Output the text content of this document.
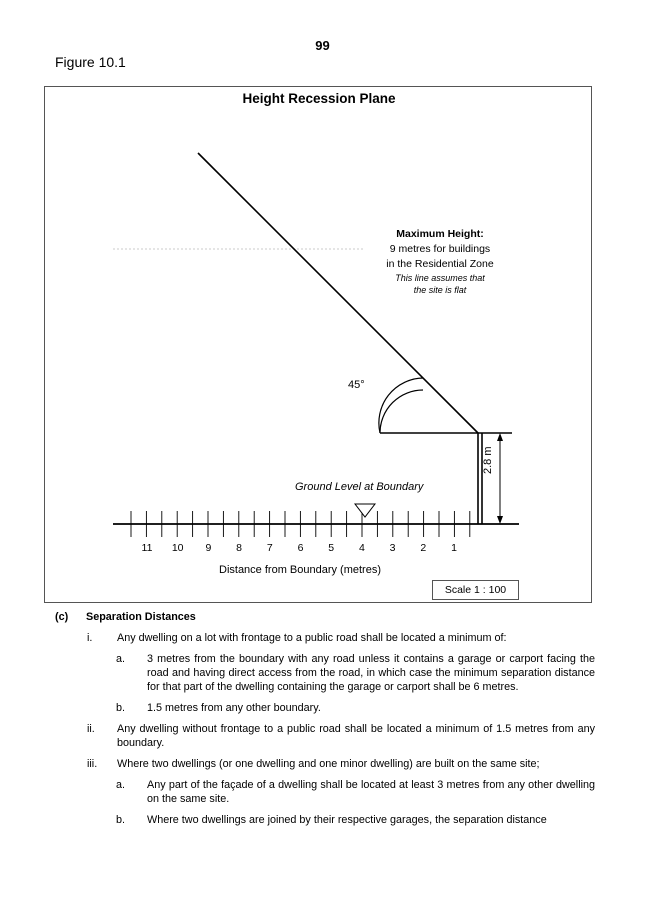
99
Figure 10.1
Height Recession Plane
Maximum Height:
9 metres for buildings
in the Residential Zone
This line assumes that
the site is flat
45°
Ground Level at Boundary
2.8 m
11	10	9	8	7	6	5	4	3	2	1
Distance from Boundary (metres)
Scale 1 : 100
(c)	Separation Distances
i.	Any dwelling on a lot with frontage to a public road shall be located a minimum of:
a.	3 metres from the boundary with any road unless it contains a garage or carport facing the road and having direct access from the road, in which case the minimum separation distance for that part of the dwelling containing the garage or carport shall be 6 metres.
b.	1.5 metres from any other boundary.
ii.	Any dwelling without frontage to a public road shall be located a minimum of 1.5 metres from any boundary.
iii.	Where two dwellings (or one dwelling and one minor dwelling) are built on the same site;
a.	Any part of the façade of a dwelling shall be located at least 3 metres from any other dwelling on the same site.
b.	Where two dwellings are joined by their respective garages, the separation distance
